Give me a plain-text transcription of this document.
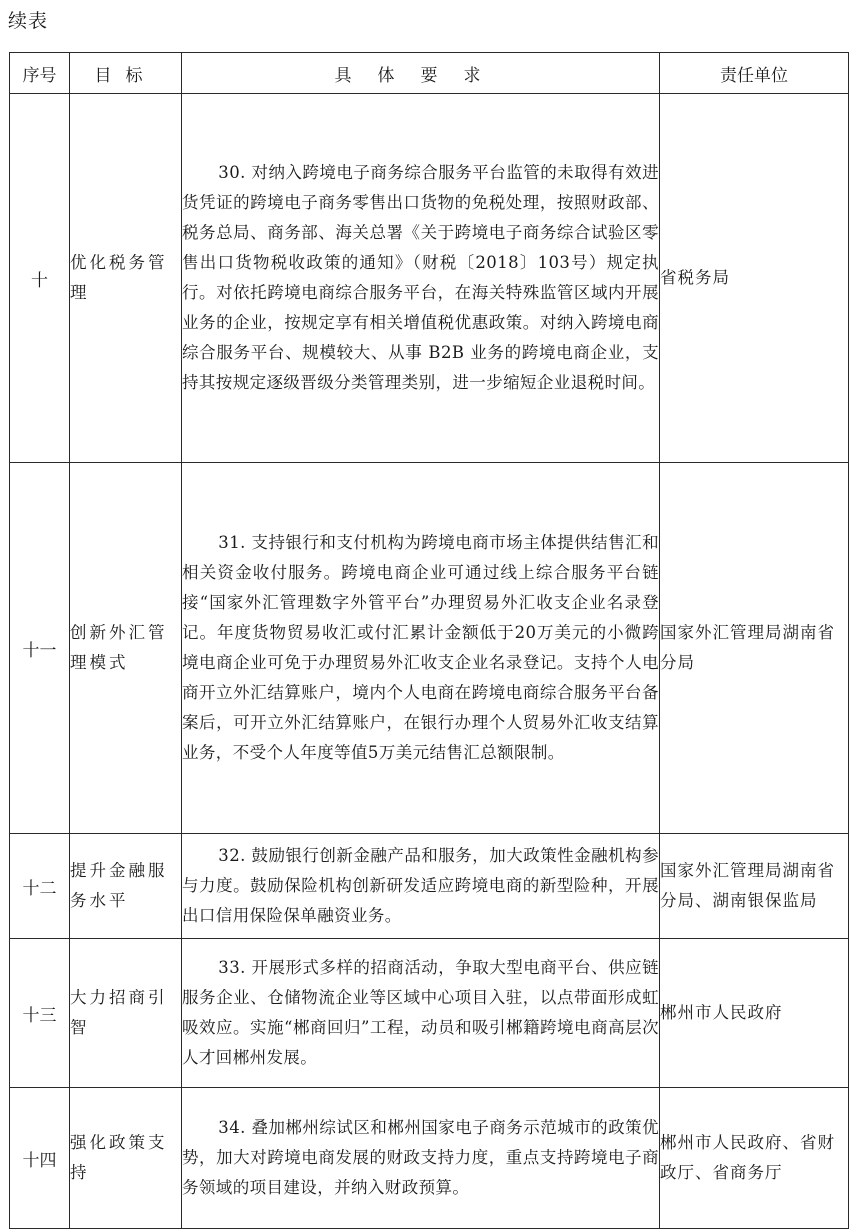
续表
序号	目标	具体要求	责任单位
十	优化税务管理	30. 对纳入跨境电子商务综合服务平台监管的未取得有效进货凭证的跨境电子商务零售出口货物的免税处理，按照财政部、税务总局、商务部、海关总署《关于跨境电子商务综合试验区零售出口货物税收政策的通知》（财税〔2018〕103号）规定执行。对依托跨境电商综合服务平台，在海关特殊监管区域内开展业务的企业，按规定享有相关增值税优惠政策。对纳入跨境电商综合服务平台、规模较大、从事 B2B 业务的跨境电商企业，支持其按规定逐级晋级分类管理类别，进一步缩短企业退税时间。	省税务局
十一	创新外汇管理模式	31. 支持银行和支付机构为跨境电商市场主体提供结售汇和相关资金收付服务。跨境电商企业可通过线上综合服务平台链接“国家外汇管理数字外管平台”办理贸易外汇收支企业名录登记。年度货物贸易收汇或付汇累计金额低于20万美元的小微跨境电商企业可免于办理贸易外汇收支企业名录登记。支持个人电商开立外汇结算账户，境内个人电商在跨境电商综合服务平台备案后，可开立外汇结算账户，在银行办理个人贸易外汇收支结算业务，不受个人年度等值5万美元结售汇总额限制。	国家外汇管理局湖南省分局
十二	提升金融服务水平	32. 鼓励银行创新金融产品和服务，加大政策性金融机构参与力度。鼓励保险机构创新研发适应跨境电商的新型险种，开展出口信用保险保单融资业务。	国家外汇管理局湖南省分局、湖南银保监局
十三	大力招商引智	33. 开展形式多样的招商活动，争取大型电商平台、供应链服务企业、仓储物流企业等区域中心项目入驻，以点带面形成虹吸效应。实施“郴商回归”工程，动员和吸引郴籍跨境电商高层次人才回郴州发展。	郴州市人民政府
十四	强化政策支持	34. 叠加郴州综试区和郴州国家电子商务示范城市的政策优势，加大对跨境电商发展的财政支持力度，重点支持跨境电子商务领域的项目建设，并纳入财政预算。	郴州市人民政府、省财政厅、省商务厅
